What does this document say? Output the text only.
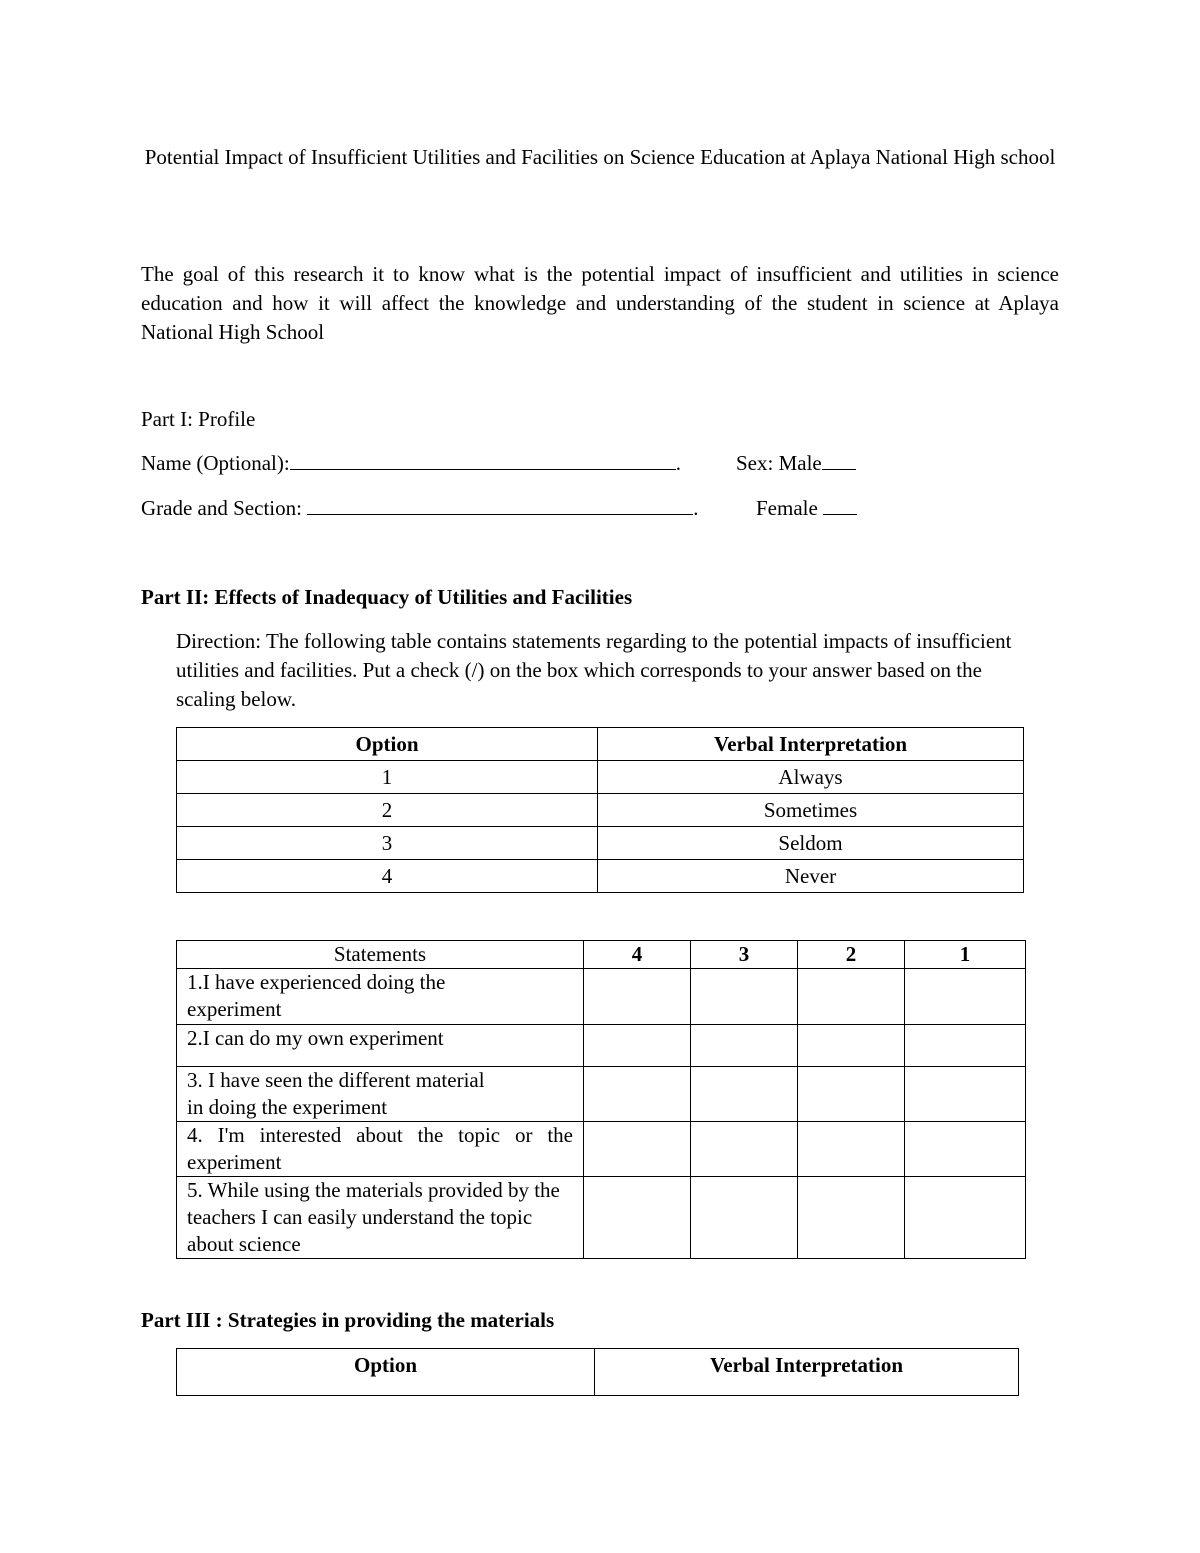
Potential Impact of Insufficient Utilities and Facilities on Science Education at Aplaya National High school
The goal of this research it to know what is the potential impact of insufficient and utilities in science education and how it will affect the knowledge and understanding of the student in science at Aplaya National High School
Part I: Profile
Name (Optional):	.	Sex: Male
Grade and Section:	.	Female
Part II: Effects of Inadequacy of Utilities and Facilities
Direction: The following table contains statements regarding to the potential impacts of insufficient utilities and facilities. Put a check (/) on the box which corresponds to your answer based on the scaling below.
Option	Verbal Interpretation
1	Always
2	Sometimes
3	Seldom
4	Never
Statements	4	3	2	1
1.I have experienced doing the experiment				
2.I can do my own experiment				
3. I have seen the different material in doing the experiment				
4. I'm interested about the topic or the experiment				
5. While using the materials provided by the teachers I can easily understand the topic about science				
Part III : Strategies in providing the materials
Option	Verbal Interpretation
